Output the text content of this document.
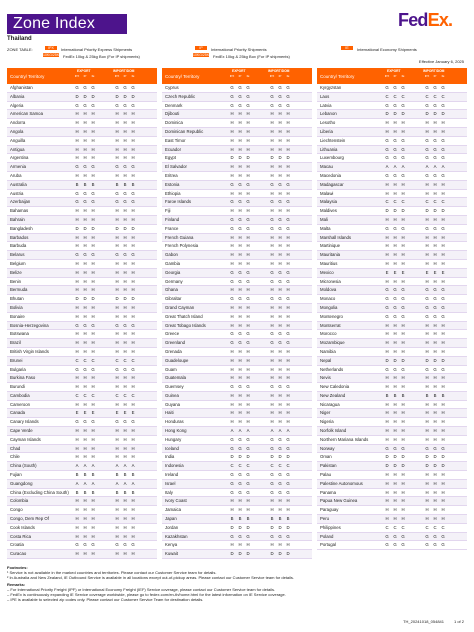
Zone Index
Thailand
FedEx.
ZONE TABLE:	IPX	International Priority Express Shipments	IP	International Priority Shipments	IE	International Economy Shipments
10KG/25KG FedEx 10kg & 25kg Box (For IP shipments)	10KG/25KG FedEx 10kg & 25kg Box (For IP shipments)
Effective January 6, 2025
Country/ Territory
EXPORT	IMPORT/DOM
IPX	IP	IE	IPX	IP	IE
Afghanistan	G	G	G	G	G	G
Albania	D	D	D	D	D	D
Algeria	G	G	G	G	G	G
American Samoa	H	H	H	H	H	H
Andorra	H	H	H	H	H	H
Angola	H	H	H	H	H	H
Anguilla	H	H	H	H	H	H
Antigua	H	H	H	H	H	H
Argentina	H	H	H	H	H	H
Armenia	G	G	G	G	G	G
Aruba	H	H	H	H	H	H
Australia	B	B	B	B	B	B
Austria	G	G	G	G	G	G
Azerbaijan	G	G	G	G	G	G
Bahamas	H	H	H	H	H	H
Bahrain	H	H	H	H	H	H
Bangladesh	D	D	D	D	D	D
Barbados	H	H	H	H	H	H
Barbuda	H	H	H	H	H	H
Belarus	G	G	G	G	G	G
Belgium	H	H	H	H	H	H
Belize	H	H	H	H	H	H
Benin	H	H	H	H	H	H
Bermuda	H	H	H	H	H	H
Bhutan	D	D	D	D	D	D
Bolivia	H	H	H	H	H	H
Bonaire	H	H	H	H	H	H
Bosnia-Herzegovina	G	G	G	G	G	G
Botswana	H	H	H	H	H	H
Brazil	H	H	H	H	H	H
British Virgin Islands	H	H	H	H	H	H
Brunei	C	C	C	C	C	C
Bulgaria	G	G	G	G	G	G
Burkina Faso	H	H	H	H	H	H
Burundi	H	H	H	H	H	H
Cambodia	C	C	C	C	C	C
Cameroon	H	H	H	H	H	H
Canada	E	E	E	E	E	E
Canary Islands	G	G	G	G	G	G
Cape Verde	H	H	H	H	H	H
Cayman Islands	H	H	H	H	H	H
Chad	H	H	H	H	H	H
Chile	H	H	H	H	H	H
China (South)	A	A	A	A	A	A
Fujian	B	B	B	B	B	B
Guangdong	A	A	A	A	A	A
China (Excluding China South)	B	B	B	B	B	B
Colombia	H	H	H	H	H	H
Congo	H	H	H	H	H	H
Congo, Dem Rep Of	H	H	H	H	H	H
Cook Islands	H	H	H	H	H	H
Costa Rica	H	H	H	H	H	H
Croatia	G	G	G	G	G	G
Curacao	H	H	H	H	H	H
Country/ Territory
EXPORT	IMPORT/DOM
IPX	IP	IE	IPX	IP	IE
Cyprus	G	G	G	G	G	G
Czech Republic	G	G	G	G	G	G
Denmark	G	G	G	G	G	G
Djibouti	H	H	H	H	H	H
Dominica	H	H	H	H	H	H
Dominican Republic	H	H	H	H	H	H
East Timor	H	H	H	H	H	H
Ecuador	H	H	H	H	H	H
Egypt	D	D	D	D	D	D
El Salvador	H	H	H	H	H	H
Eritrea	H	H	H	H	H	H
Estonia	G	G	G	G	G	G
Ethiopia	H	H	H	H	H	H
Faroe Islands	G	G	G	G	G	G
Fiji	H	H	H	H	H	H
Finland	G	G	G	G	G	G
France	G	G	G	G	G	G
French Guiana	H	H	H	H	H	H
French Polynesia	H	H	H	H	H	H
Gabon	H	H	H	H	H	H
Gambia	H	H	H	H	H	H
Georgia	G	G	G	G	G	G
Germany	G	G	G	G	G	G
Ghana	H	H	H	H	H	H
Gibraltar	G	G	G	G	G	G
Grand Cayman	H	H	H	H	H	H
Great Thatch Island	H	H	H	H	H	H
Great Tobago Islands	H	H	H	H	H	H
Greece	G	G	G	G	G	G
Greenland	G	G	G	G	G	G
Grenada	H	H	H	H	H	H
Guadeloupe	H	H	H	H	H	H
Guam	H	H	H	H	H	H
Guatemala	H	H	H	H	H	H
Guernsey	G	G	G	G	G	G
Guinea	H	H	H	H	H	H
Guyana	H	H	H	H	H	H
Haiti	H	H	H	H	H	H
Honduras	H	H	H	H	H	H
Hong Kong	A	A	A	A	A	A
Hungary	G	G	G	G	G	G
Iceland	G	G	G	G	G	G
India	D	D	D	D	D	D
Indonesia	C	C	C	C	C	C
Ireland	G	G	G	G	G	G
Israel	G	G	G	G	G	G
Italy	G	G	G	G	G	G
Ivory Coast	H	H	H	H	H	H
Jamaica	H	H	H	H	H	H
Japan	B	B	B	B	B	B
Jordan	D	D	D	D	D	D
Kazakhstan	G	G	G	G	G	G
Kenya	H	H	H	H	H	H
Kuwait	D	D	D	D	D	D
Country/ Territory
EXPORT	IMPORT/DOM
IPX	IP	IE	IPX	IP	IE
Kyrgyzstan	G	G	G	G	G	G
Laos	C	C	C	C	C	C
Latvia	G	G	G	G	G	G
Lebanon	D	D	D	D	D	D
Lesotho	H	H	H	H	H	H
Liberia	H	H	H	H	H	H
Liechtenstein	G	G	G	G	G	G
Lithuania	G	G	G	G	G	G
Luxembourg	G	G	G	G	G	G
Macau	A	A	A	A	A	A
Macedonia	G	G	G	G	G	G
Madagascar	H	H	H	H	H	H
Malawi	H	H	H	H	H	H
Malaysia	C	C	C	C	C	C
Maldives	D	D	D	D	D	D
Mali	H	H	H	H	H	H
Malta	G	G	G	G	G	G
Marshall Islands	H	H	H	H	H	H
Martinique	H	H	H	H	H	H
Mauritania	H	H	H	H	H	H
Mauritius	H	H	H	H	H	H
Mexico	E	E	E	E	E	E
Micronesia	H	H	H	H	H	H
Moldova	G	G	G	G	G	G
Monaco	G	G	G	G	G	G
Mongolia	G	G	G	G	G	G
Montenegro	G	G	G	G	G	G
Montserrat	H	H	H	H	H	H
Morocco	H	H	H	H	H	H
Mozambique	H	H	H	H	H	H
Namibia	H	H	H	H	H	H
Nepal	D	D	D	D	D	D
Netherlands	G	G	G	G	G	G
Nevis	H	H	H	H	H	H
New Caledonia	H	H	H	H	H	H
New Zealand	B	B	B	B	B	B
Nicaragua	H	H	H	H	H	H
Niger	H	H	H	H	H	H
Nigeria	H	H	H	H	H	H
Norfolk Island	H	H	H	H	H	H
Northern Mariana Islands	H	H	H	H	H	H
Norway	G	G	G	G	G	G
Oman	D	D	D	D	D	D
Pakistan	D	D	D	D	D	D
Palau	H	H	H	H	H	H
Palestine Autonomous	H	H	H	H	H	H
Panama	H	H	H	H	H	H
Papua New Guinea	H	H	H	H	H	H
Paraguay	H	H	H	H	H	H
Peru	H	H	H	H	H	H
Philippines	C	C	C	C	C	C
Poland	G	G	G	G	G	G
Portugal	G	G	G	G	G	G
Footnotes:
¹ Service is not available in the marked countries and territories. Please contact our Customer Service team for details.
² In Australia and New Zealand, IE Outbound Service is available in all locations except out-of-pickup areas. Please contact our Customer Service team for details.
Remarks:
– For International Priority Freight (IPF) or International Economy Freight (IEF) Service coverage, please contact our Customer Service team for details.
– FedEx is continuously expanding IE Service coverage worldwide, please go to fedex.com/en-th/home.html for the latest information on IE Service coverage.
– IPE is available to selected zip codes only. Please contact our Customer Service Team for destination details.
TH_20241018_054841 1 of 2
